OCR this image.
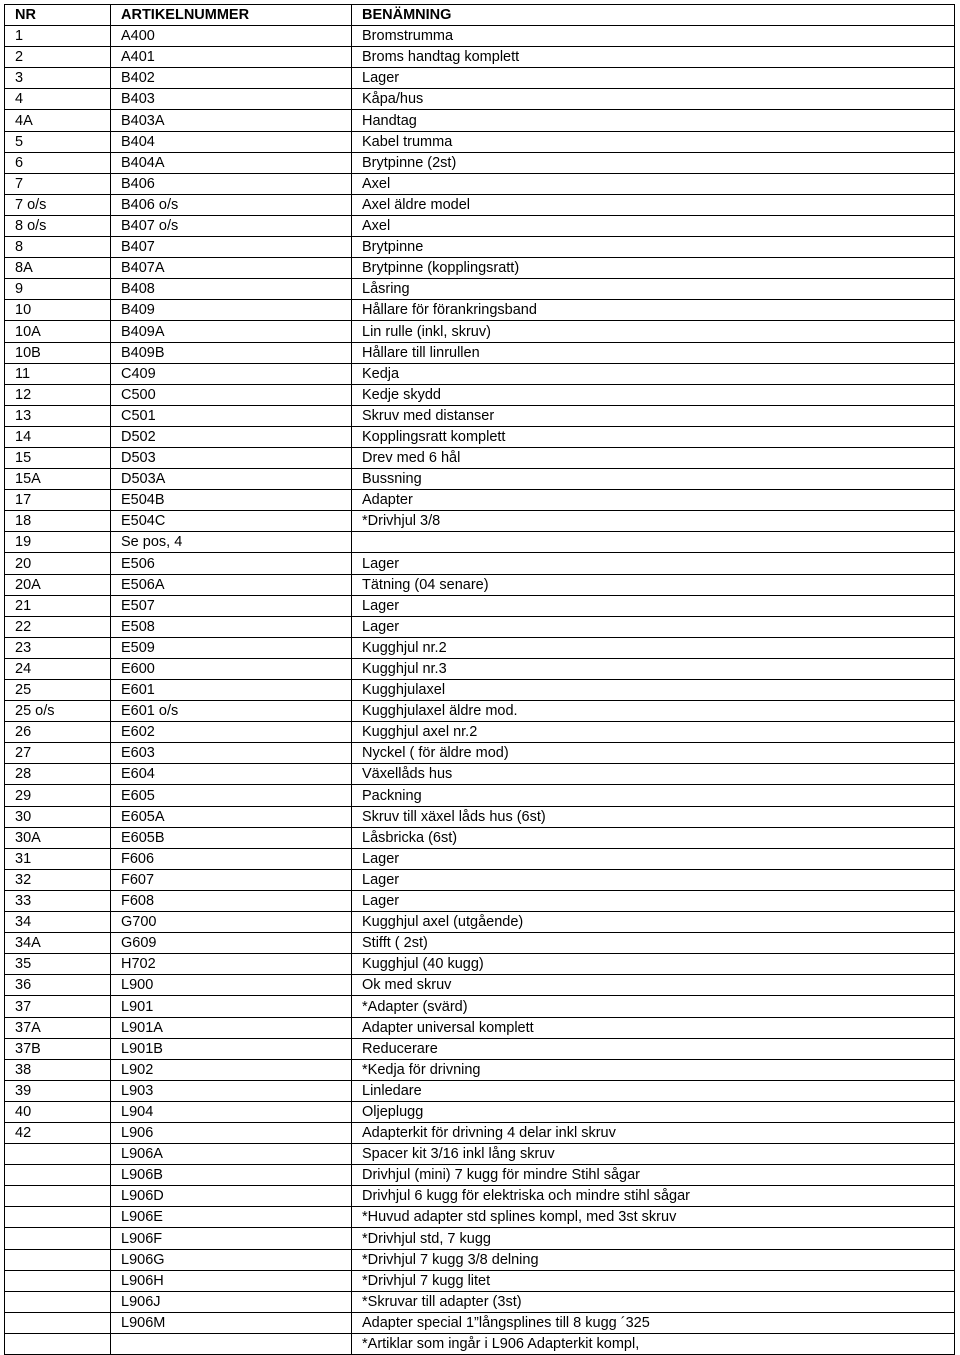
NR	ARTIKELNUMMER	BENÄMNING
1	A400	Bromstrumma
2	A401	Broms handtag komplett
3	B402	Lager
4	B403	Kåpa/hus
4A	B403A	Handtag
5	B404	Kabel trumma
6	B404A	Brytpinne (2st)
7	B406	Axel
7 o/s	B406 o/s	Axel äldre model
8 o/s	B407 o/s	Axel
8	B407	Brytpinne
8A	B407A	Brytpinne (kopplingsratt)
9	B408	Låsring
10	B409	Hållare för förankringsband
10A	B409A	Lin rulle (inkl, skruv)
10B	B409B	Hållare till linrullen
11	C409	Kedja
12	C500	Kedje skydd
13	C501	Skruv med distanser
14	D502	Kopplingsratt komplett
15	D503	Drev med 6 hål
15A	D503A	Bussning
17	E504B	Adapter
18	E504C	*Drivhjul 3/8
19	Se pos, 4	
20	E506	Lager
20A	E506A	Tätning (04 senare)
21	E507	Lager
22	E508	Lager
23	E509	Kugghjul nr.2
24	E600	Kugghjul nr.3
25	E601	Kugghjulaxel
25 o/s	E601 o/s	Kugghjulaxel äldre mod.
26	E602	Kugghjul axel nr.2
27	E603	Nyckel ( för äldre mod)
28	E604	Växellåds hus
29	E605	Packning
30	E605A	Skruv till xäxel låds hus (6st)
30A	E605B	Låsbricka (6st)
31	F606	Lager
32	F607	Lager
33	F608	Lager
34	G700	Kugghjul axel (utgående)
34A	G609	Stifft ( 2st)
35	H702	Kugghjul (40 kugg)
36	L900	Ok med skruv
37	L901	*Adapter (svärd)
37A	L901A	Adapter universal komplett
37B	L901B	Reducerare
38	L902	*Kedja för drivning
39	L903	Linledare
40	L904	Oljeplugg
42	L906	Adapterkit för drivning 4 delar inkl skruv
	L906A	Spacer kit 3/16 inkl lång skruv
	L906B	Drivhjul (mini) 7 kugg för mindre Stihl sågar
	L906D	Drivhjul 6 kugg för elektriska och mindre stihl sågar
	L906E	*Huvud adapter std splines kompl, med 3st skruv
	L906F	*Drivhjul std, 7 kugg
	L906G	*Drivhjul 7 kugg 3/8 delning
	L906H	*Drivhjul 7 kugg litet
	L906J	*Skruvar till adapter (3st)
	L906M	Adapter special 1”långsplines till 8 kugg ´325
		*Artiklar som ingår i L906 Adapterkit kompl,
